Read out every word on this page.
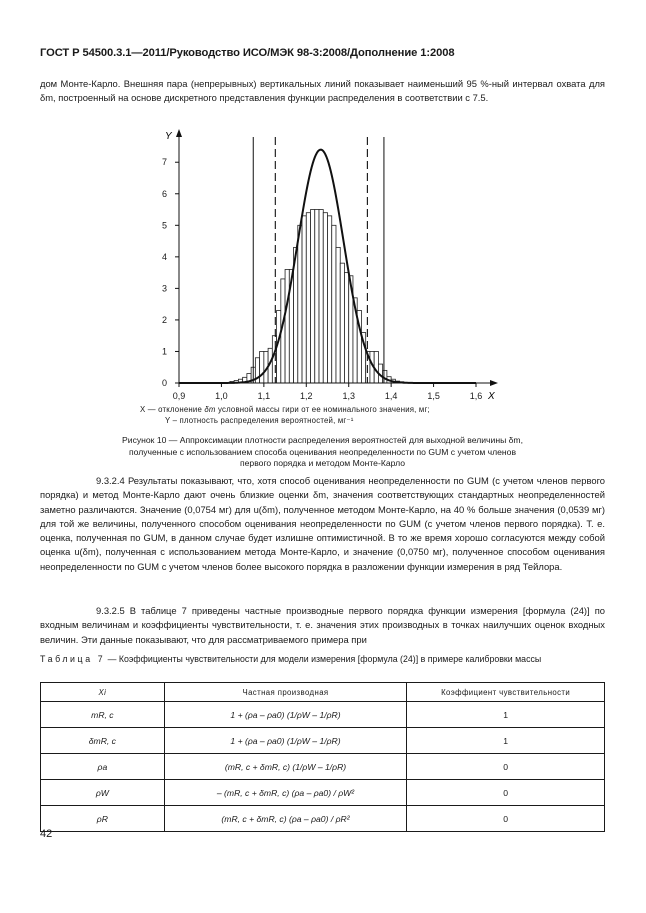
ГОСТ Р 54500.3.1—2011/Руководство ИСО/МЭК 98-3:2008/Дополнение 1:2008

дом Монте-Карло. Внешняя пара (непрерывных) вертикальных линий показывает наименьший 95 %-ный интервал охвата для δm, построенный на основе дискретного представления функции распределения в соответствии с 7.5.

0,9	1,0	1,1	1,2	1,3	1,4	1,5	1,6
0
1
2
3
4
5
6
7
X
Y

X — отклонение δm условной массы гири от ее номинального значения, мг;

Y – плотность распределения вероятностей, мг⁻¹

Рисунок 10 — Аппроксимации плотности распределения вероятностей для выходной величины δm,
полученные с использованием способа оценивания неопределенности по GUM с учетом членов
первого порядка и методом Монте-Карло

9.3.2.4 Результаты показывают, что, хотя способ оценивания неопределенности по GUM (с учетом членов первого порядка) и метод Монте-Карло дают очень близкие оценки δm, значения соответствующих стандартных неопределенностей заметно различаются. Значение (0,0754 мг) для u(δm), полученное методом Монте-Карло, на 40 % больше значения (0,0539 мг) для той же величины, полученного способом оценивания неопределенности по GUM (с учетом членов первого порядка). Т. е. оценка, полученная по GUM, в данном случае будет излишне оптимистичной. В то же время хорошо согласуются между собой оценка u(δm), полученная с использованием метода Монте-Карло, и значение (0,0750 мг), полученное способом оценивания неопределенности по GUM с учетом членов более высокого порядка в разложении функции измерения в ряд Тейлора.

9.3.2.5 В таблице 7 приведены частные производные первого порядка функции измерения [формула (24)] по входным величинам и коэффициенты чувствительности, т. е. значения этих производных в точках наилучших оценок входных величин. Эти данные показывают, что для рассматриваемого примера при

Таблица 7 — Коэффициенты чувствительности для модели измерения [формула (24)] в примере калибровки массы

Xi	Частная производная	Коэффициент чувствительности
mR, c	1 + (ρa – ρa0) (1/ρW – 1/ρR)	1
δmR, c	1 + (ρa – ρa0) (1/ρW – 1/ρR)	1
ρa	(mR, c + δmR, c) (1/ρW – 1/ρR)	0
ρW	– (mR, c + δmR, c) (ρa – ρa0) / ρW²	0
ρR	(mR, c + δmR, c) (ρa – ρa0) / ρR²	0
42
